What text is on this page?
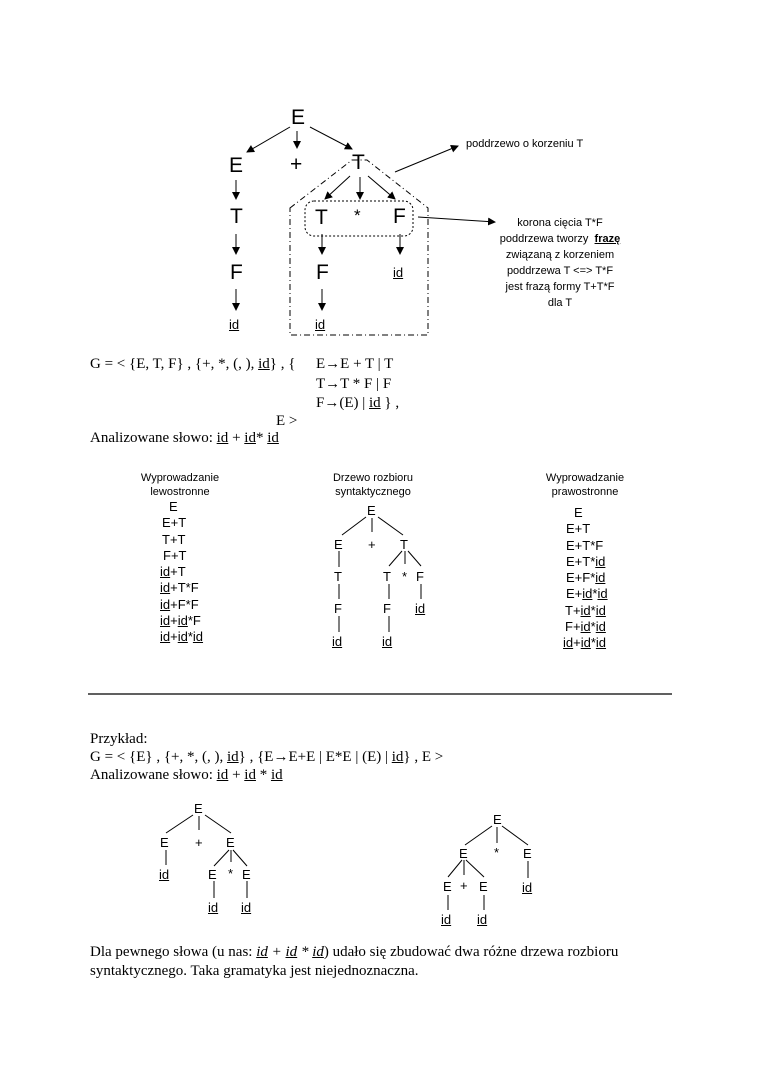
E
E + T
T	T * F
F	F	id
id	id
poddrzewo o korzeniu T
korona cięcia T*F
poddrzewa tworzy frazę
związaną z korzeniem
poddrzewa T <=> T*F
jest frazą formy T+T*F
dla T
G = < {E, T, F} , {+, *, (, ), id} , { E→E + T | T
T→T * F | F
F→(E) | id } ,
E >
Analizowane słowo: id + id* id
Wyprowadzanie
lewostronne
Drzewo rozbioru
syntaktycznego
Wyprowadzanie
prawostronne
E
E+T
T+T
F+T
id+T
id+T*F
id+F*F
id+id*F
id+id*id
E
E+T
E+T*F
E+T*id
E+F*id
E+id*id
T+id*id
F+id*id
id+id*id
E
E + T
T	T * F
F	F id
id	id
Przykład:
G = < {E} , {+, *, (, ), id} , {E→E+E | E*E | (E) | id} , E >
Analizowane słowo: id + id * id
E
E + E
id	E * E
id id
E
E * E
E + E	id
id id
Dla pewnego słowa (u nas: id + id * id) udało się zbudować dwa różne drzewa rozbioru
syntaktycznego. Taka gramatyka jest niejednoznaczna.
